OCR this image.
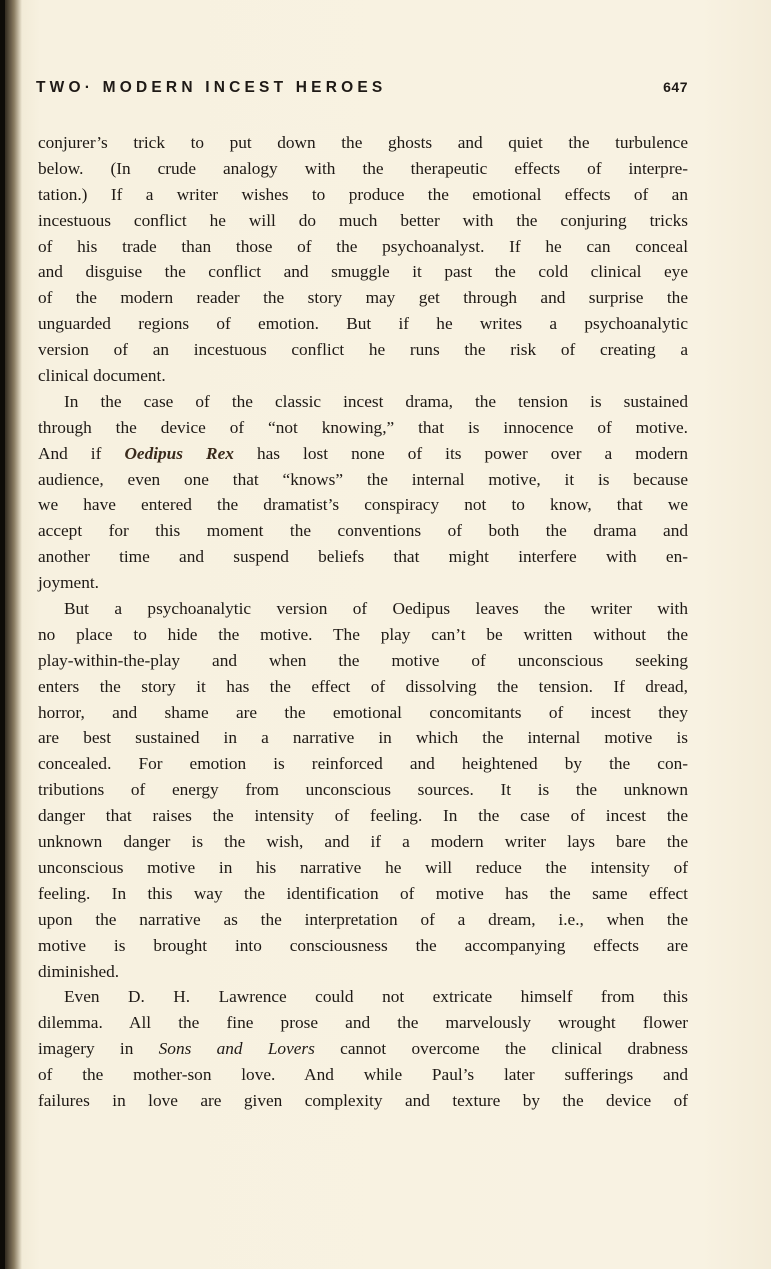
TWO· MODERN INCEST HEROES	647
conjurer’s trick to put down the ghosts and quiet the turbulence
below. (In crude analogy with the therapeutic effects of interpre-
tation.) If a writer wishes to produce the emotional effects of an
incestuous conflict he will do much better with the conjuring tricks
of his trade than those of the psychoanalyst. If he can conceal
and disguise the conflict and smuggle it past the cold clinical eye
of the modern reader the story may get through and surprise the
unguarded regions of emotion. But if he writes a psychoanalytic
version of an incestuous conflict he runs the risk of creating a
clinical document.
In the case of the classic incest drama, the tension is sustained
through the device of “not knowing,” that is innocence of motive.
And if Oedipus Rex has lost none of its power over a modern
audience, even one that “knows” the internal motive, it is because
we have entered the dramatist’s conspiracy not to know, that we
accept for this moment the conventions of both the drama and
another time and suspend beliefs that might interfere with en-
joyment.
But a psychoanalytic version of Oedipus leaves the writer with
no place to hide the motive. The play can’t be written without the
play-within-the-play and when the motive of unconscious seeking
enters the story it has the effect of dissolving the tension. If dread,
horror, and shame are the emotional concomitants of incest they
are best sustained in a narrative in which the internal motive is
concealed. For emotion is reinforced and heightened by the con-
tributions of energy from unconscious sources. It is the unknown
danger that raises the intensity of feeling. In the case of incest the
unknown danger is the wish, and if a modern writer lays bare the
unconscious motive in his narrative he will reduce the intensity of
feeling. In this way the identification of motive has the same effect
upon the narrative as the interpretation of a dream, i.e., when the
motive is brought into consciousness the accompanying effects are
diminished.
Even D. H. Lawrence could not extricate himself from this
dilemma. All the fine prose and the marvelously wrought flower
imagery in Sons and Lovers cannot overcome the clinical drabness
of the mother-son love. And while Paul’s later sufferings and
failures in love are given complexity and texture by the device of
